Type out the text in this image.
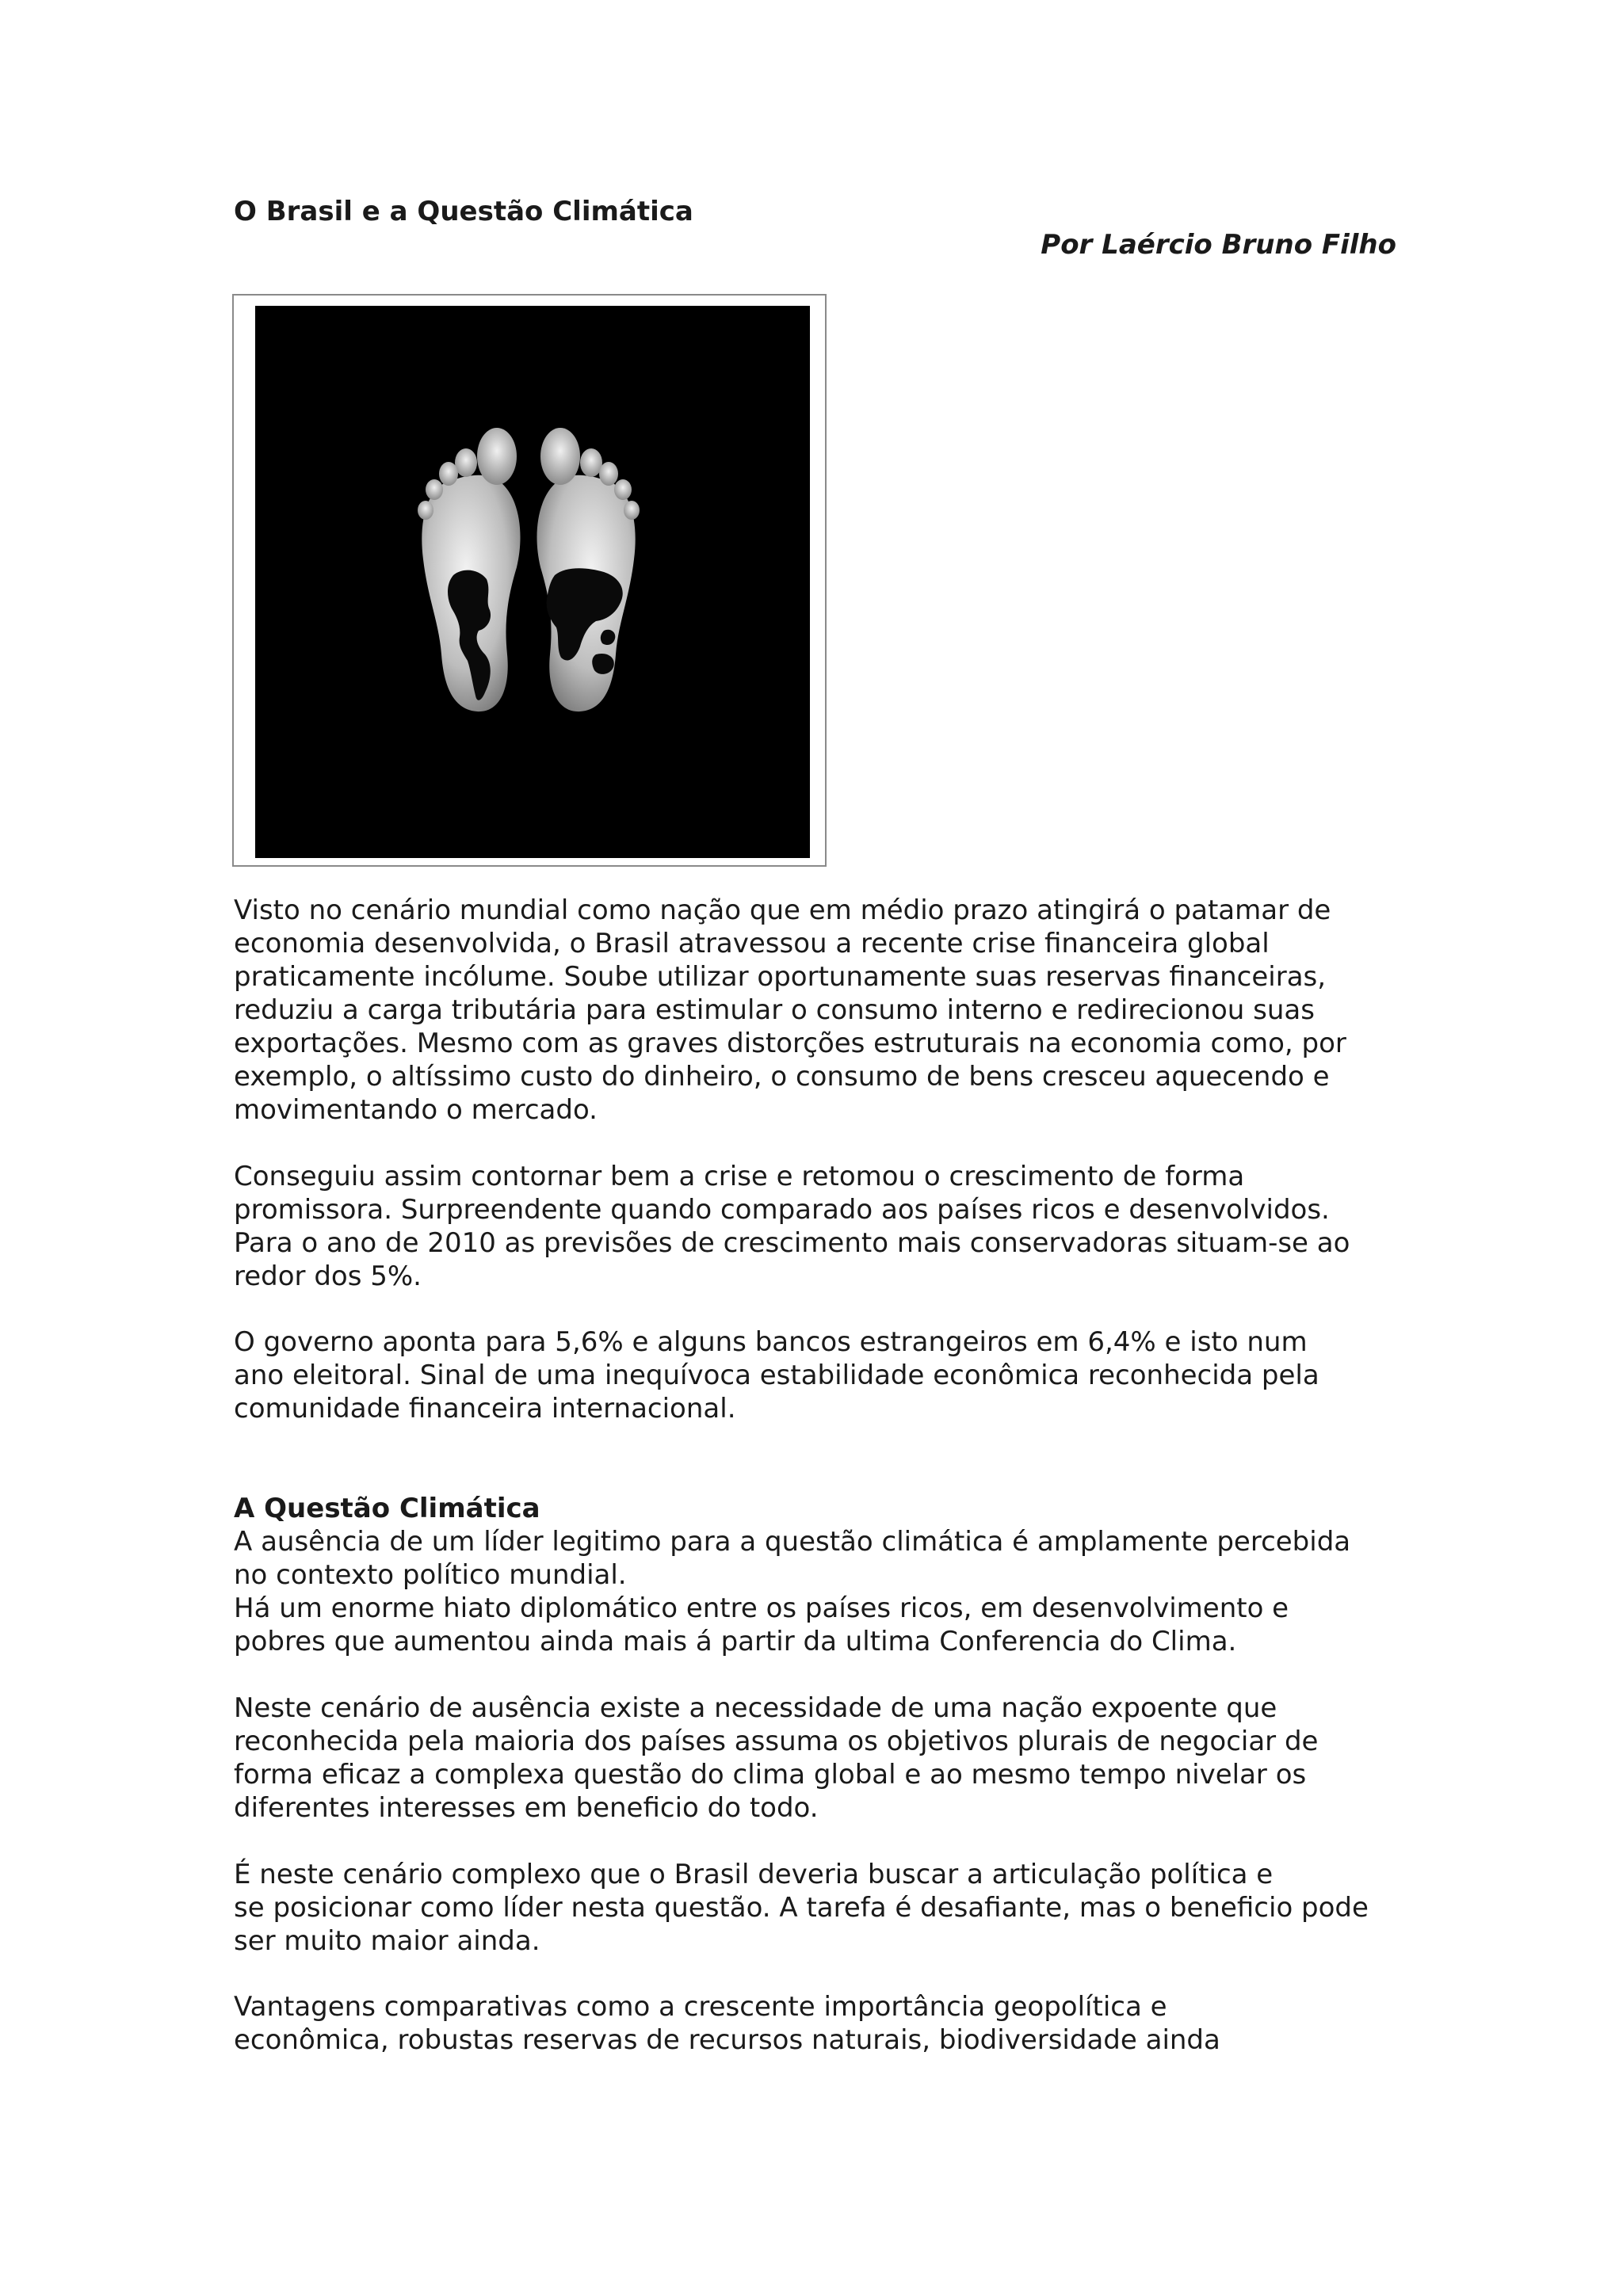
O Brasil e a Questão Climática
Por Laércio Bruno Filho
Visto no cenário mundial como nação que em médio prazo atingirá o patamar de
economia desenvolvida, o Brasil atravessou a recente crise financeira global
praticamente incólume. Soube utilizar oportunamente suas reservas financeiras,
reduziu a carga tributária para estimular o consumo interno e redirecionou suas
exportações. Mesmo com as graves distorções estruturais na economia como, por
exemplo, o altíssimo custo do dinheiro, o consumo de bens cresceu aquecendo e
movimentando o mercado.
Conseguiu assim contornar bem a crise e retomou o crescimento de forma
promissora. Surpreendente quando comparado aos países ricos e desenvolvidos.
Para o ano de 2010 as previsões de crescimento mais conservadoras situam-se ao
redor dos 5%.
O governo aponta para 5,6% e alguns bancos estrangeiros em 6,4% e isto num
ano eleitoral. Sinal de uma inequívoca estabilidade econômica reconhecida pela
comunidade financeira internacional.
A Questão Climática
A ausência de um líder legitimo para a questão climática é amplamente percebida
no contexto político mundial.
Há um enorme hiato diplomático entre os países ricos, em desenvolvimento e
pobres que aumentou ainda mais á partir da ultima Conferencia do Clima.
Neste cenário de ausência existe a necessidade de uma nação expoente que
reconhecida pela maioria dos países assuma os objetivos plurais de negociar de
forma eficaz a complexa questão do clima global e ao mesmo tempo nivelar os
diferentes interesses em beneficio do todo.
É neste cenário complexo que o Brasil deveria buscar a articulação política e
se posicionar como líder nesta questão. A tarefa é desafiante, mas o beneficio pode
ser muito maior ainda.
Vantagens comparativas como a crescente importância geopolítica e
econômica, robustas reservas de recursos naturais, biodiversidade ainda
